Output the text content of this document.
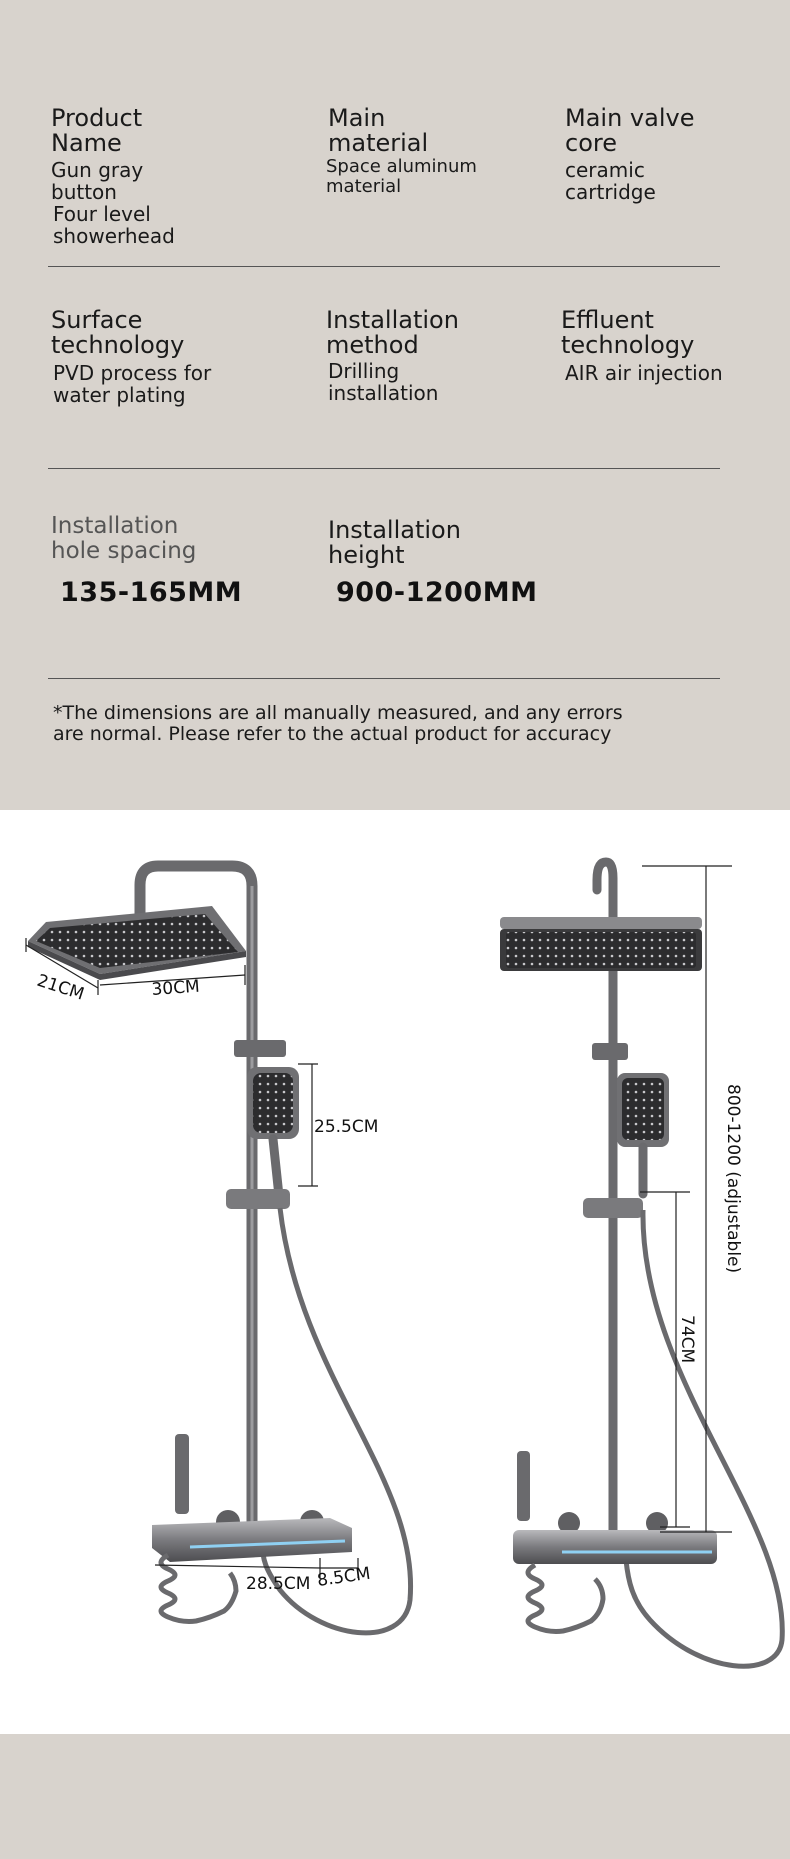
Product
Name
Gun gray
button
Four level
showerhead
Main
material
Space aluminum
material
Main valve
core
ceramic
cartridge
Surface
technology
PVD process for
water plating
Installation
method
Drilling
installation
Effluent
technology
AIR air injection
Installation
hole spacing
135-165MM
Installation
height
900-1200MM
*The dimensions are all manually measured, and any errors
are normal. Please refer to the actual product for accuracy
21CM	30CM
25.5CM
28.5CM 8.5CM
74CM
800-1200 (adjustable)
